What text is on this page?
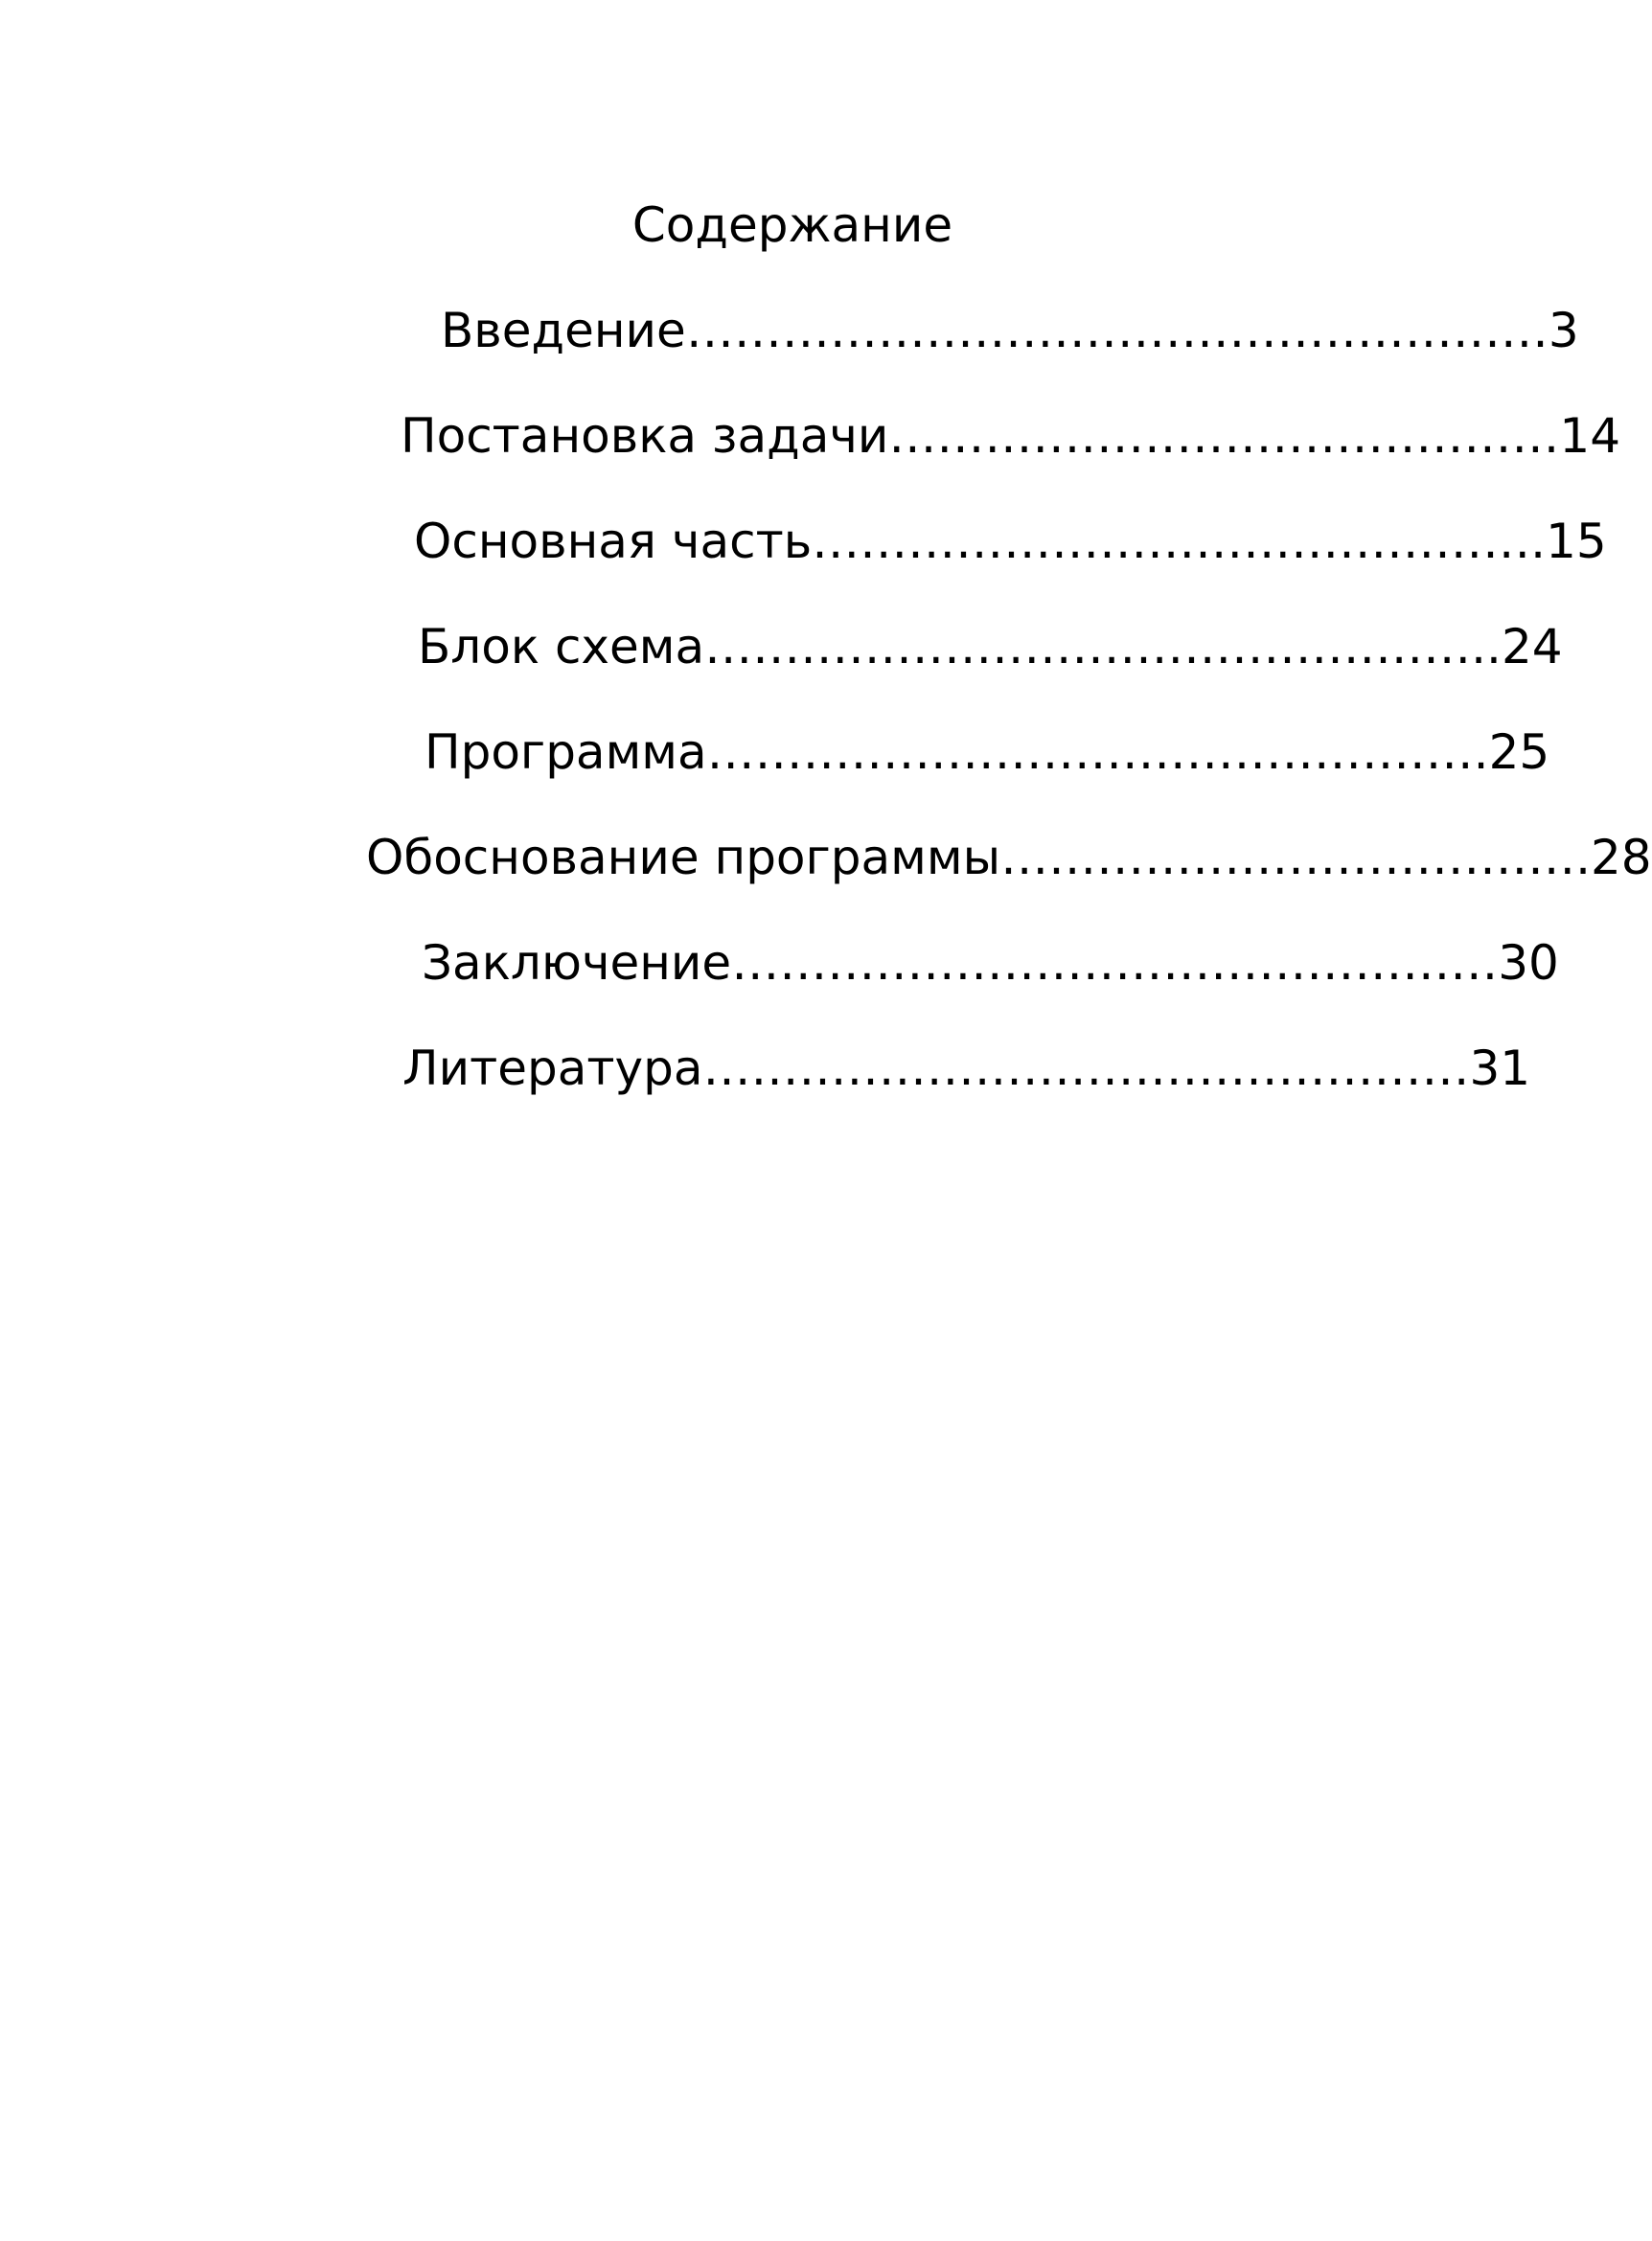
Содержание
Введение………………………………………………3
Постановка задачи……………………………………14
Основная часть……………………………………….15
Блок схема…………………………………………..24
Программа………………………………………….25
Обоснование программы……………………………….28
Заключение…………………………………………30
Литература…………………………………………31
